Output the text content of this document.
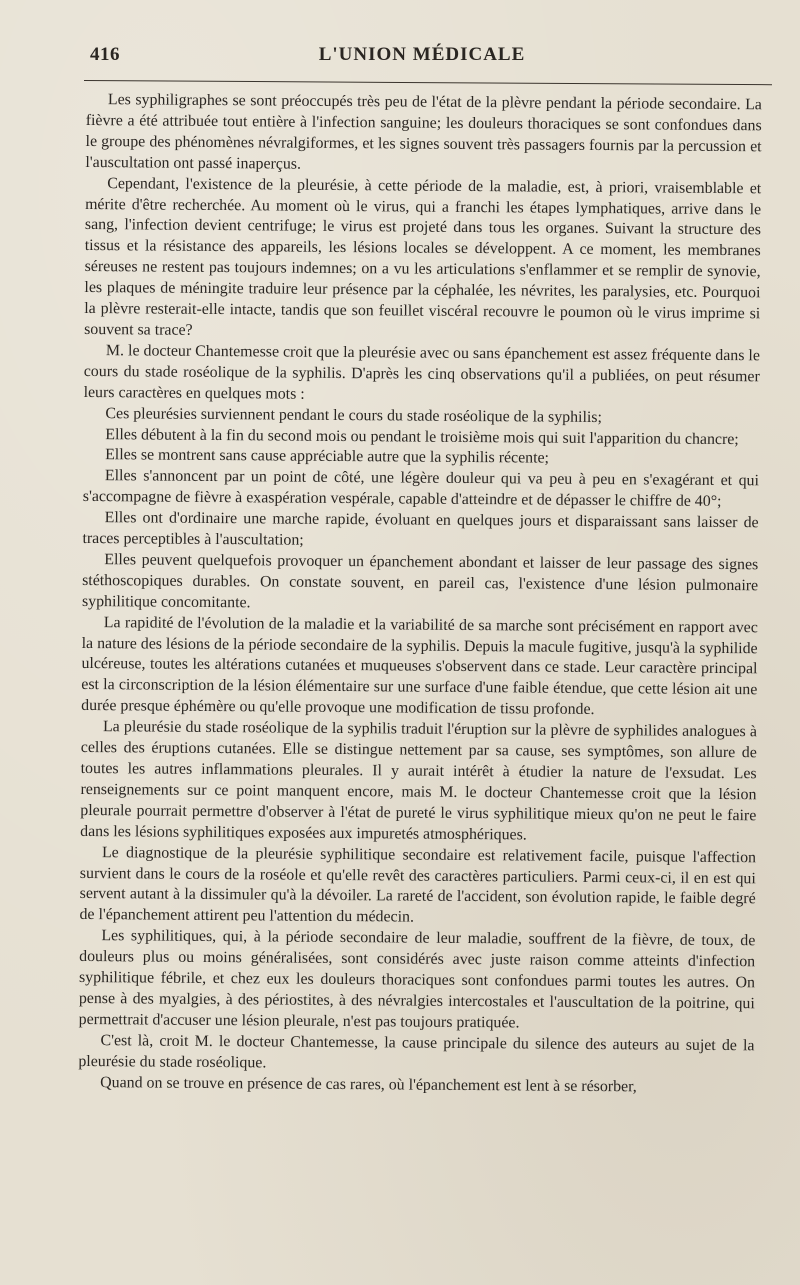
416	L'UNION MÉDICALE

Les syphiligraphes se sont préoccupés très peu de l'état de la plèvre pendant la période secondaire. La fièvre a été attribuée tout entière à l'infection sanguine; les douleurs thoraciques se sont confondues dans le groupe des phénomènes névralgiformes, et les signes souvent très passagers fournis par la percussion et l'auscultation ont passé inaperçus.

Cependant, l'existence de la pleurésie, à cette période de la maladie, est, à priori, vraisemblable et mérite d'être recherchée. Au moment où le virus, qui a franchi les étapes lymphatiques, arrive dans le sang, l'infection devient centrifuge; le virus est projeté dans tous les organes. Suivant la structure des tissus et la résistance des appareils, les lésions locales se développent. A ce moment, les membranes séreuses ne restent pas toujours indemnes; on a vu les articulations s'enflammer et se remplir de synovie, les plaques de méningite traduire leur présence par la céphalée, les névrites, les paralysies, etc. Pourquoi la plèvre resterait-elle intacte, tandis que son feuillet viscéral recouvre le poumon où le virus imprime si souvent sa trace?

M. le docteur Chantemesse croit que la pleurésie avec ou sans épanchement est assez fréquente dans le cours du stade roséolique de la syphilis. D'après les cinq observations qu'il a publiées, on peut résumer leurs caractères en quelques mots :

Ces pleurésies surviennent pendant le cours du stade roséolique de la syphilis;

Elles débutent à la fin du second mois ou pendant le troisième mois qui suit l'apparition du chancre;

Elles se montrent sans cause appréciable autre que la syphilis récente;

Elles s'annoncent par un point de côté, une légère douleur qui va peu à peu en s'exagérant et qui s'accompagne de fièvre à exaspération vespérale, capable d'atteindre et de dépasser le chiffre de 40°;

Elles ont d'ordinaire une marche rapide, évoluant en quelques jours et disparaissant sans laisser de traces perceptibles à l'auscultation;

Elles peuvent quelquefois provoquer un épanchement abondant et laisser de leur passage des signes stéthoscopiques durables. On constate souvent, en pareil cas, l'existence d'une lésion pulmonaire syphilitique concomitante.

La rapidité de l'évolution de la maladie et la variabilité de sa marche sont précisément en rapport avec la nature des lésions de la période secondaire de la syphilis. Depuis la macule fugitive, jusqu'à la syphilide ulcéreuse, toutes les altérations cutanées et muqueuses s'observent dans ce stade. Leur caractère principal est la circonscription de la lésion élémentaire sur une surface d'une faible étendue, que cette lésion ait une durée presque éphémère ou qu'elle provoque une modification de tissu profonde.

La pleurésie du stade roséolique de la syphilis traduit l'éruption sur la plèvre de syphilides analogues à celles des éruptions cutanées. Elle se distingue nettement par sa cause, ses symptômes, son allure de toutes les autres inflammations pleurales. Il y aurait intérêt à étudier la nature de l'exsudat. Les renseignements sur ce point manquent encore, mais M. le docteur Chantemesse croit que la lésion pleurale pourrait permettre d'observer à l'état de pureté le virus syphilitique mieux qu'on ne peut le faire dans les lésions syphilitiques exposées aux impuretés atmosphériques.

Le diagnostique de la pleurésie syphilitique secondaire est relativement facile, puisque l'affection survient dans le cours de la roséole et qu'elle revêt des caractères particuliers. Parmi ceux-ci, il en est qui servent autant à la dissimuler qu'à la dévoiler. La rareté de l'accident, son évolution rapide, le faible degré de l'épanchement attirent peu l'attention du médecin.

Les syphilitiques, qui, à la période secondaire de leur maladie, souffrent de la fièvre, de toux, de douleurs plus ou moins généralisées, sont considérés avec juste raison comme atteints d'infection syphilitique fébrile, et chez eux les douleurs thoraciques sont confondues parmi toutes les autres. On pense à des myalgies, à des périostites, à des névralgies intercostales et l'auscultation de la poitrine, qui permettrait d'accuser une lésion pleurale, n'est pas toujours pratiquée.

C'est là, croit M. le docteur Chantemesse, la cause principale du silence des auteurs au sujet de la pleurésie du stade roséolique.

Quand on se trouve en présence de cas rares, où l'épanchement est lent à se résorber,
